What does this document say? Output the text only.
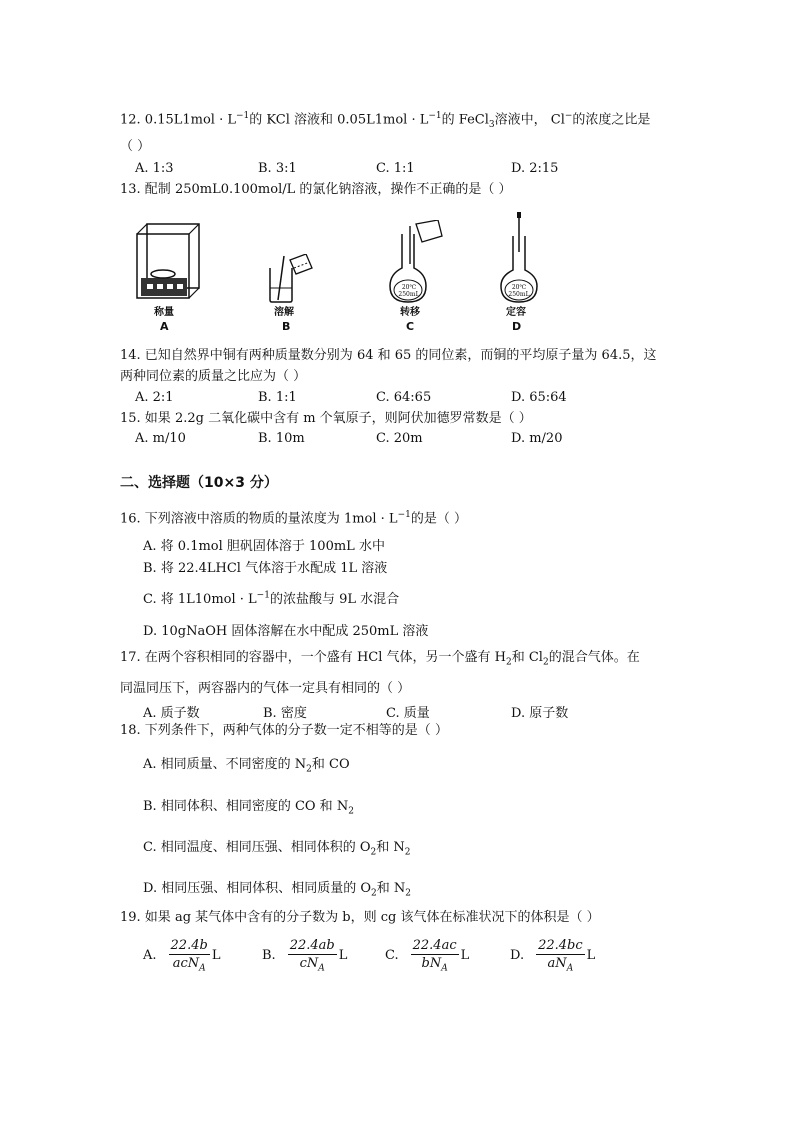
12. $0.15L1mol \cdot L^{-1}$的 KCl 溶液和 $0.05L1mol \cdot L^{-1}$的 FeCl$_3$溶液中， Cl−的浓度之比是
（ ）
A. 1:3	B. 3:1	C. 1:1	D. 2:15
13. 配制 250mL0.100mol/L 的氯化钠溶液，操作不正确的是（ ）
称量
A
溶解
B
20℃ 250mL
转移
C
20℃ 250mL
定容
D
14. 已知自然界中铜有两种质量数分别为 64 和 65 的同位素，而铜的平均原子量为 64.5，这
两种同位素的质量之比应为（ ）
A. 2:1	B. 1:1	C. 64:65	D. 65:64
15. 如果 2.2g 二氧化碳中含有 m 个氧原子，则阿伏加德罗常数是（ ）
A. m/10	B. 10m	C. 20m	D. m/20
二、选择题（10×3 分）
16. 下列溶液中溶质的物质的量浓度为 $1mol \cdot L^{-1}$的是（ ）
A. 将 0.1mol 胆矾固体溶于 100mL 水中
B. 将 22.4LHCl 气体溶于水配成 1L 溶液
C. 将 $1L10mol \cdot L^{-1}$的浓盐酸与 9L 水混合
D. 10gNaOH 固体溶解在水中配成 250mL 溶液
17. 在两个容积相同的容器中，一个盛有 HCl 气体，另一个盛有 $H_2$和 $Cl_2$的混合气体。在
同温同压下，两容器内的气体一定具有相同的（ ）
A. 质子数	B. 密度	C. 质量	D. 原子数
18. 下列条件下，两种气体的分子数一定不相等的是（ ）
A. 相同质量、不同密度的 $N_2$和 CO
B. 相同体积、相同密度的 CO 和 $N_2$
C. 相同温度、相同压强、相同体积的 $O_2$和 $N_2$
D. 相同压强、相同体积、相同质量的 $O_2$和 $N_2$
19. 如果 ag 某气体中含有的分子数为 b，则 cg 该气体在标准状况下的体积是（ ）
A. $\frac{22.4b}{acN_A}$ L	B. $\frac{22.4ab}{cN_A}$ L	C. $\frac{22.4ac}{bN_A}$ L	D. $\frac{22.4bc}{aN_A}$ L
